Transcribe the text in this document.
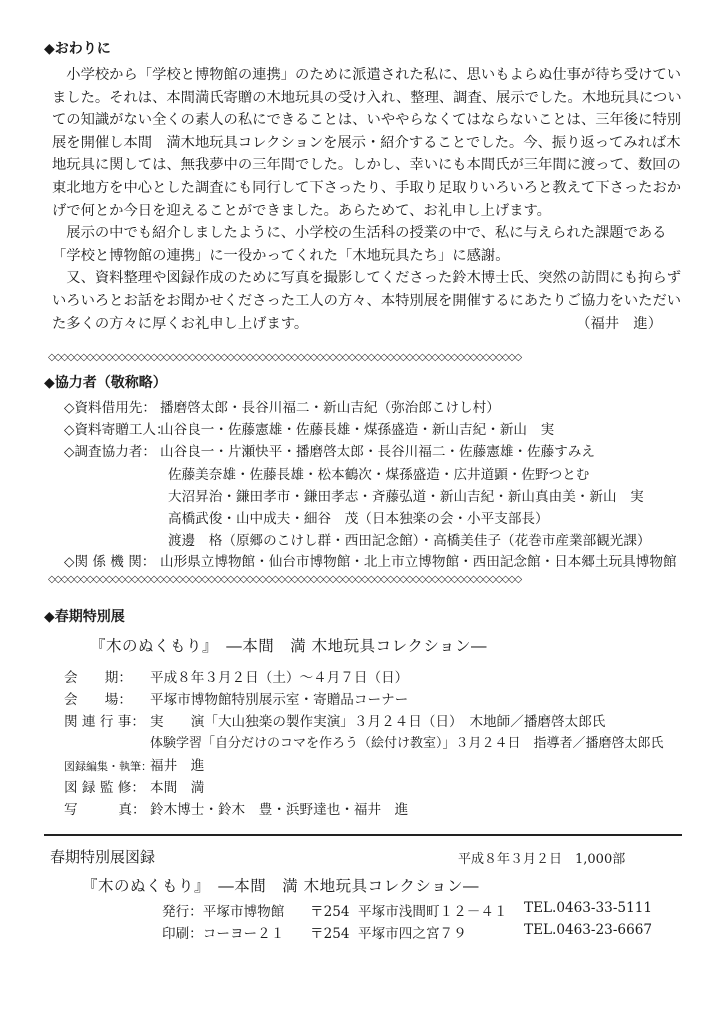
◆おわりに
　小学校から「学校と博物館の連携」のために派遣された私に、思いもよらぬ仕事が待ち受けてい
ました。それは、本間満氏寄贈の木地玩具の受け入れ、整理、調査、展示でした。木地玩具につい
ての知識がない全くの素人の私にできることは、いややらなくてはならないことは、三年後に特別
展を開催し本間　満木地玩具コレクションを展示・紹介することでした。今、振り返ってみれば木
地玩具に関しては、無我夢中の三年間でした。しかし、幸いにも本間氏が三年間に渡って、数回の
東北地方を中心とした調査にも同行して下さったり、手取り足取りいろいろと教えて下さったおか
げで何とか今日を迎えることができました。あらためて、お礼申し上げます。
　展示の中でも紹介しましたように、小学校の生活科の授業の中で、私に与えられた課題である
「学校と博物館の連携」に一役かってくれた「木地玩具たち」に感謝。
　又、資料整理や図録作成のために写真を撮影してくださった鈴木博士氏、突然の訪問にも拘らず
いろいろとお話をお聞かせくださった工人の方々、本特別展を開催するにあたりご協力をいただい
た多くの方々に厚くお礼申し上げます。	（福井　進）
◇◇◇◇◇◇◇◇◇◇◇◇◇◇◇◇◇◇◇◇◇◇◇◇◇◇◇◇◇◇◇◇◇◇◇◇◇◇◇◇◇◇◇◇◇◇◇◇◇◇◇◇◇◇◇◇◇◇◇◇◇◇◇◇◇◇◇◇◇◇◇◇◇◇
◆協力者（敬称略）
◇資料借用先： 播磨啓太郎・長谷川福二・新山吉紀（弥治郎こけし村）
◇資料寄贈工人：山谷良一・佐藤憲雄・佐藤長雄・煤孫盛造・新山吉紀・新山　実
◇調査協力者： 山谷良一・片瀬快平・播磨啓太郎・長谷川福二・佐藤憲雄・佐藤すみえ
佐藤美奈雄・佐藤長雄・松本鶴次・煤孫盛造・広井道顕・佐野つとむ
大沼昇治・鎌田孝市・鎌田孝志・斉藤弘道・新山吉紀・新山真由美・新山　実
高橋武俊・山中成夫・細谷　茂（日本独楽の会・小平支部長）
渡邊　格（原郷のこけし群・西田記念館）・高橋美佳子（花巻市産業部観光課）
◇関 係 機 関： 山形県立博物館・仙台市博物館・北上市立博物館・西田記念館・日本郷土玩具博物館
◇◇◇◇◇◇◇◇◇◇◇◇◇◇◇◇◇◇◇◇◇◇◇◇◇◇◇◇◇◇◇◇◇◇◇◇◇◇◇◇◇◇◇◇◇◇◇◇◇◇◇◇◇◇◇◇◇◇◇◇◇◇◇◇◇◇◇◇◇◇◇◇◇◇
◆春期特別展
『木のぬくもり』　―本間　満 木地玩具コレクション―
会　　期： 平成８年３月２日（土）～４月７日（日）
会　　場： 平塚市博物館特別展示室・寄贈品コーナー
関 連 行 事： 実　　演「大山独楽の製作実演」３月２４日（日）　木地師／播磨啓太郎氏
体験学習「自分だけのコマを作ろう（絵付け教室）」３月２４日　指導者／播磨啓太郎氏
図録編集・執筆：福井　進
図 録 監 修： 本間　満
写　　　真： 鈴木博士・鈴木　豊・浜野達也・福井　進
春期特別展図録	平成８年３月２日　1,000部
『木のぬくもり』　―本間　満 木地玩具コレクション―
発行：平塚市博物館 〒254 平塚市浅間町１２－４１ TEL.0463-33-5111
印刷：コーヨー２１ 〒254 平塚市四之宮７９	TEL.0463-23-6667
